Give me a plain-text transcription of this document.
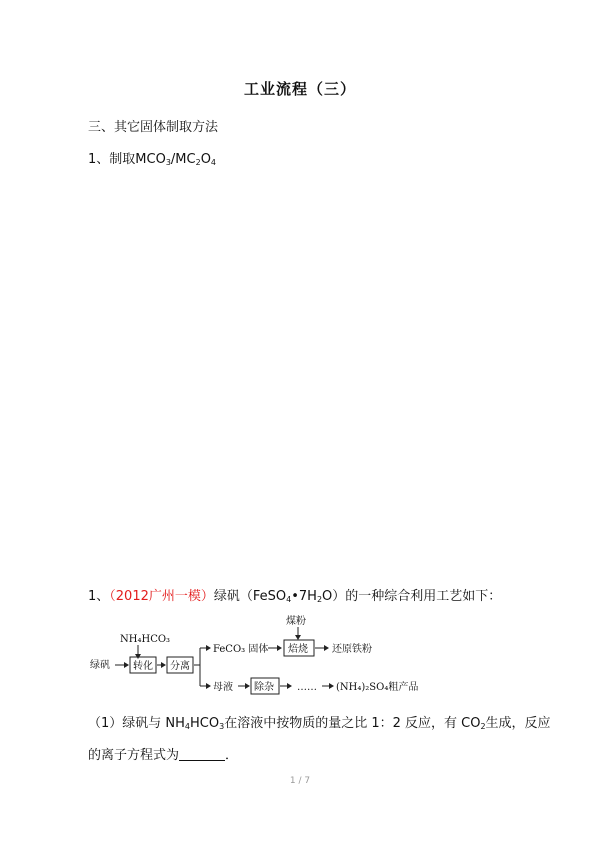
工业流程（三）
三、其它固体制取方法
1、制取$MCO_3/MC_2O_4$
1、（2012广州一模）绿矾$(FeSO_4•7H_2O)$的一种综合利用工艺如下：
NH₄HCO₃
绿矾 转化 分离
FeCO₃ 固体
煤粉
焙烧 还原铁粉
母液 除杂 …… (NH₄)₂SO₄粗产品
（1）绿矾与 $NH_4HCO_3$在溶液中按物质的量之比 1：2 反应，有 $CO_2$生成，反应
的离子方程式为	．
1 / 7
